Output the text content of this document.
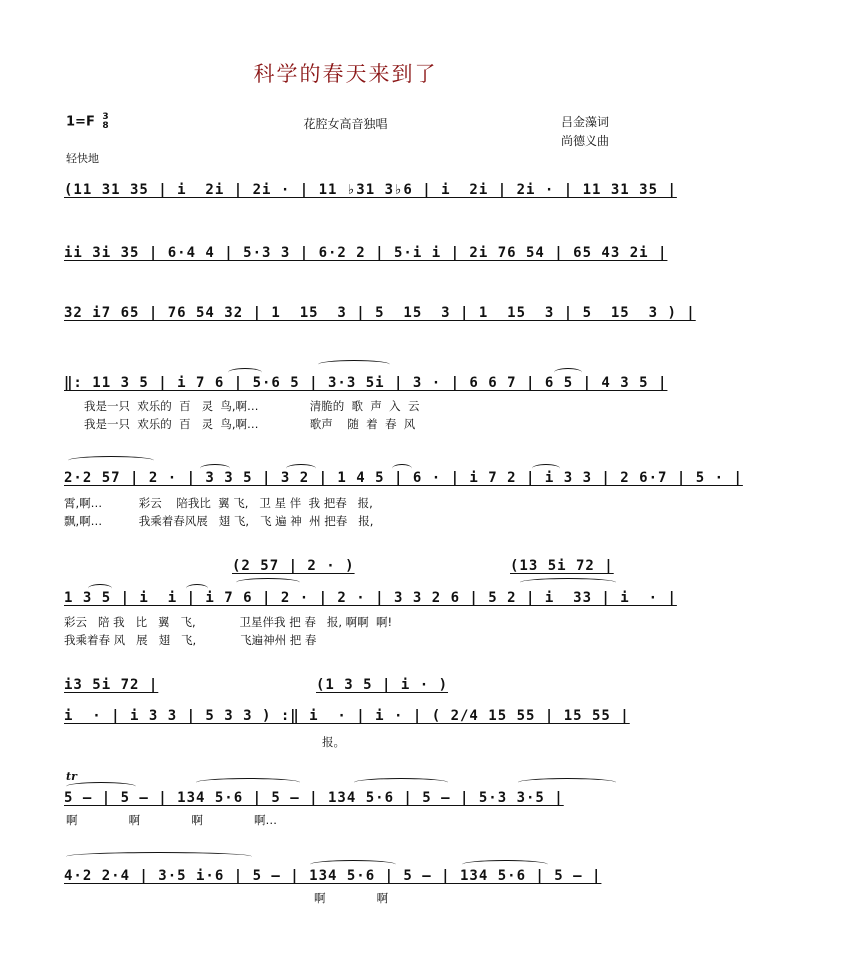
科学的春天来到了
1=F 3
8	花腔女高音独唱	吕金藻词
尚德义曲
轻快地
(11 31 35 | i  2i | 2i · | 11 ♭31 3♭6 | i  2i | 2i · | 11 31 35 |
ii 3i 35 | 6·4 4 | 5·3 3 | 6·2 2 | 5·i i | 2i 76 54 | 65 43 2i |
32 i7 65 | 76 54 32 | 1  15  3 | 5  15  3 | 1  15  3 | 5  15  3 ) |
‖: 11 3 5 | i 7 6 | 5·6 5 | 3·3 5i | 3 · | 6 6 7 | 6 5 | 4 3 5 |
我是一只  欢乐的  百   灵  鸟,啊…              清脆的  歌  声  入  云
我是一只  欢乐的  百   灵  鸟,啊…              歌声    随  着  春  风
2·2 57 | 2 · | 3 3 5 | 3 2 | 1 4 5 | 6 · | i 7 2 | i 3 3 | 2 6·7 | 5 · |
霄,啊…          彩云    陪我比  翼 飞,   卫 星 伴  我 把春   报,
飘,啊…          我乘着春风展   翅 飞,   飞 遍 神  州 把春   报,
(2 57 | 2 · )	(13 5i 72 |
1 3 5 | i  i | i 7 6 | 2 · | 2 · | 3 3 2 6 | 5 2 | i  33 | i  · |
彩云   陪 我   比   翼   飞,            卫星伴我 把 春   报, 啊啊  啊!
我乘着春 风   展   翅   飞,            飞遍神州 把 春
i3 5i 72 |	(1 3 5 | i · )
i  · | i 3 3 | 5 3 3 ) :‖ i  · | i · | ( 2/4 15 55 | 15 55 |
报。
tr
5 – | 5 – | 134 5·6 | 5 – | 134 5·6 | 5 – | 5·3 3·5 |
啊              啊              啊              啊…
4·2 2·4 | 3·5 i·6 | 5 – | 134 5·6 | 5 – | 134 5·6 | 5 – |
啊              啊
